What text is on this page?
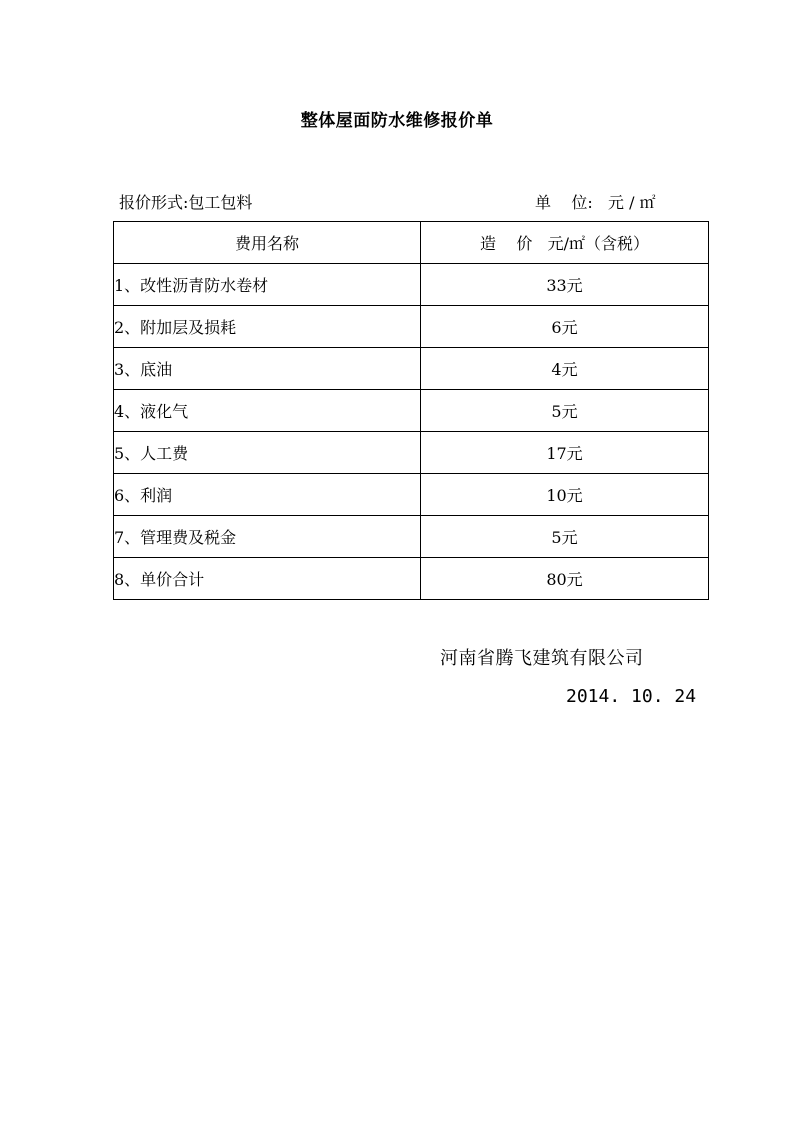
整体屋面防水维修报价单
报价形式:包工包料	单    位:   元 / ㎡
费用名称	造    价   元/㎡（含税）
1、改性沥青防水卷材	33元
2、附加层及损耗	6元
3、底油	4元
4、液化气	5元
5、人工费	17元
6、利润	10元
7、管理费及税金	5元
8、单价合计	80元
河南省腾飞建筑有限公司
2014. 10. 24
